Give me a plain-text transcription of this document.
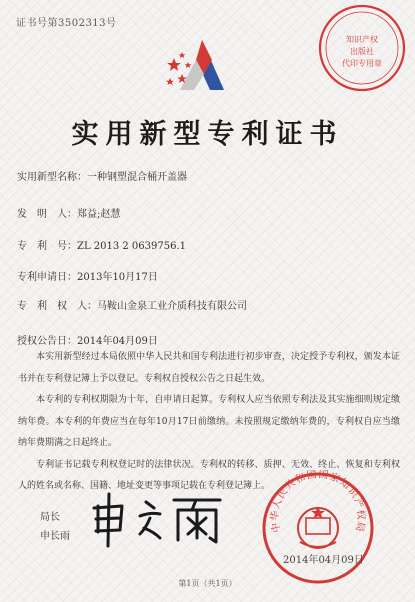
证书号第3502313号
知识产权
出版社
代印专用章
实用新型专利证书
实用新型名称：一种钢塑混合桶开盖器
发　明　人：郑益;赵慧
专　利　号：ZL 2013 2 0639756.1
专利申请日：2013年10月17日
专　利　权　人：马鞍山金泉工业介质科技有限公司
授权公告日：2014年04月09日

本实用新型经过本局依照中华人民共和国专利法进行初步审查，决定授予专利权，颁发本证书并在专利登记簿上予以登记。专利权自授权公告之日起生效。

本专利的专利权期限为十年，自申请日起算。专利权人应当依照专利法及其实施细则规定缴纳年费。本专利的年费应当在每年10月17日前缴纳。未按照规定缴纳年费的，专利权自应当缴纳年费期满之日起终止。

专利证书记载专利权登记时的法律状况。专利权的转移、质押、无效、终止、恢复和专利权人的姓名或名称、国籍、地址变更等事项记载在专利登记簿上。

局长
申长雨
中华人民共和国国家知识产权局
2014年04月09日
第1页（共1页）
